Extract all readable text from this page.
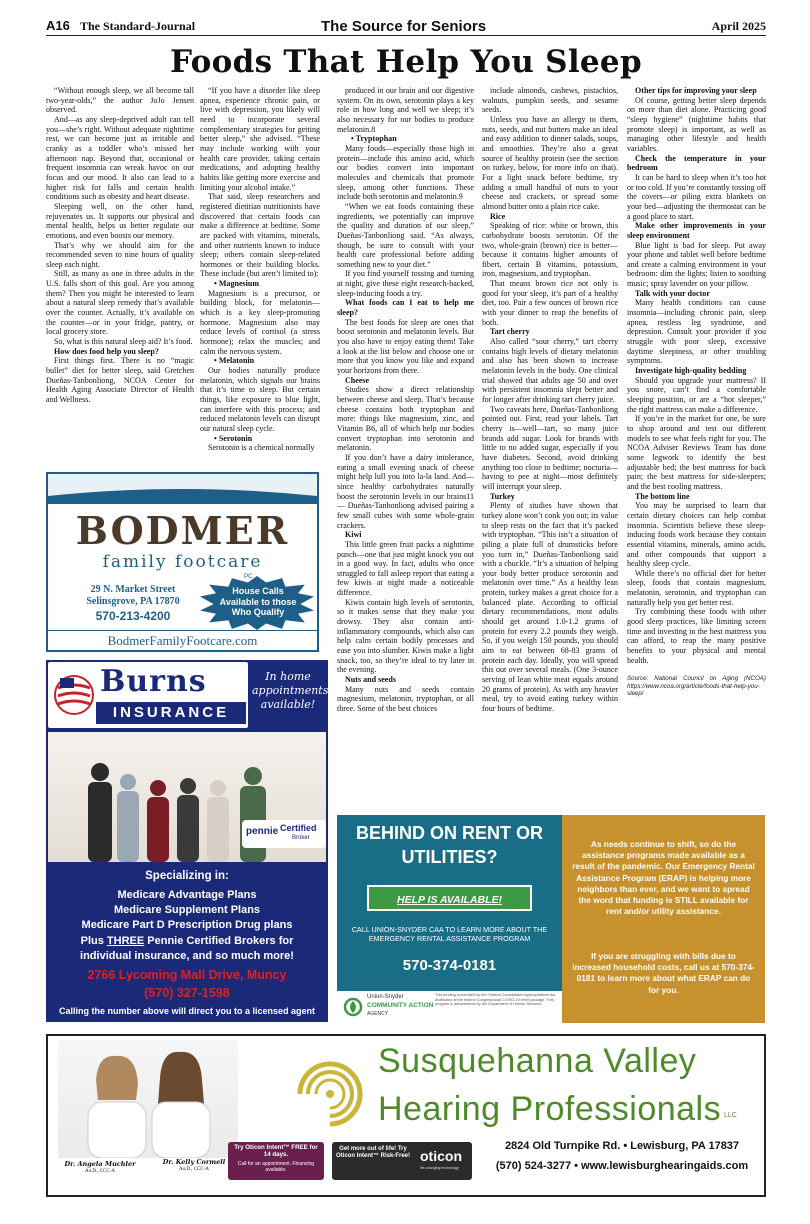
A16 The Standard-Journal	The Source for Seniors	April 2025
Foods That Help You Sleep

“Without enough sleep, we all become tall two-year-olds,” the author JoJo Jensen observed.

And—as any sleep-deprived adult can tell you—she’s right. Without adequate nighttime rest, we can become just as irritable and cranky as a toddler who’s missed her afternoon nap. Beyond that, occasional or frequent insomnia can wreak havoc on our focus and our mood. It also can lead to a higher risk for falls and certain health conditions such as obesity and heart disease.

Sleeping well, on the other hand, rejuvenates us. It supports our physical and mental health, helps us better regulate our emotions, and even boosts our memory.

That’s why we should aim for the recommended seven to nine hours of quality sleep each night.

Still, as many as one in three adults in the U.S. falls short of this goal. Are you among them? Then you might be interested to learn about a natural sleep remedy that’s available over the counter. Actually, it’s available on the counter—or in your fridge, pantry, or local grocery store.

So, what is this natural sleep aid? It’s food.

How does food help you sleep?

First things first. There is no “magic bullet” diet for better sleep, said Gretchen Dueñas-Tanbonliong, NCOA Center for Health Aging Associate Director of Health and Wellness.

“If you have a disorder like sleep apnea, experience chronic pain, or live with depression, you likely will need to incorporate several complementary strategies for getting better sleep,” she advised. “These may include working with your health care provider, taking certain medications, and adopting healthy habits like getting more exercise and limiting your alcohol intake.”

That said, sleep researchers and registered dietitian nutritionists have discovered that certain foods can make a difference at bedtime. Some are packed with vitamins, minerals, and other nutrients known to induce sleep; others contain sleep-related hormones or their building blocks. These include (but aren’t limited to):

• Magnesium

Magnesium is a precursor, or building block, for melatonin—which is a key sleep-promoting hormone. Magnesium also may reduce levels of cortisol (a stress hormone); relax the muscles; and calm the nervous system.

• Melatonin

Our bodies naturally produce melatonin, which signals our brains that it’s time to sleep. But certain things, like exposure to blue light, can interfere with this process; and reduced melatonin levels can disrupt our natural sleep cycle.

• Serotonin

Serotonin is a chemical normally

produced in our brain and our digestive system. On its own, serotonin plays a key role in how long and well we sleep; it’s also necessary for our bodies to produce melatonin.8

• Tryptophan

Many foods—especially those high in protein—include this amino acid, which our bodies convert into important molecules and chemicals that promote sleep, among other functions. These include both serotonin and melatonin.9

“When we eat foods containing these ingredients, we potentially can improve the quality and duration of our sleep,” Dueñas-Tanbonliong said. “As always, though, be sure to consult with your health care professional before adding something new to your diet.”

If you find yourself tossing and turning at night, give these eight research-backed, sleep-inducing foods a try.

What foods can I eat to help me sleep?

The best foods for sleep are ones that boost serotonin and melatonin levels. But you also have to enjoy eating them! Take a look at the list below and choose one or more that you know you like and expand your horizons from there.

Cheese

Studies show a direct relationship between cheese and sleep. That’s because cheese contains both tryptophan and more: things like magnesium, zinc, and Vitamin B6, all of which help our bodies convert tryptophan into serotonin and melatonin.

If you don’t have a dairy intolerance, eating a small evening snack of cheese might help lull you into la-la land. And—since healthy carbohydrates naturally boost the serotonin levels in our brains11— Dueñas-Tanbonliong advised pairing a few small cubes with some whole-grain crackers.

Kiwi

This little green fruit packs a nighttime punch—one that just might knock you out in a good way. In fact, adults who once struggled to fall asleep report that eating a few kiwis at night made a noticeable difference.

Kiwis contain high levels of serotonin, so it makes sense that they make you drowsy. They also contain anti-inflammatory compounds, which also can help calm certain bodily processes and ease you into slumber. Kiwis make a light snack, too, so they’re ideal to try later in the evening.

Nuts and seeds

Many nuts and seeds contain magnesium, melatonin, tryptophan, or all three. Some of the best choices

include almonds, cashews, pistachios, walnuts, pumpkin seeds, and sesame seeds.

Unless you have an allergy to them, nuts, seeds, and nut butters make an ideal and easy addition to dinner salads, soups, and smoothies. They’re also a great source of healthy protein (see the section on turkey, below, for more info on that). For a light snack before bedtime, try adding a small handful of nuts to your cheese and crackers, or spread some almond butter onto a plain rice cake.

Rice

Speaking of rice: white or brown, this carbohydrate boosts serotonin. Of the two, whole-grain (brown) rice is better—because it contains higher amounts of fibert, certain B vitamins, potassium, iron, magnesium, and tryptophan.

That means brown rice not only is good for your sleep, it’s part of a healthy diet, too. Pair a few ounces of brown rice with your dinner to reap the benefits of both.

Tart cherry

Also called “sour cherry,” tart cherry contains high levels of dietary melatonin and also has been shown to increase melatonin levels in the body. One clinical trial showed that adults age 50 and over with persistent insomnia slept better and for longer after drinking tart cherry juice.

Two caveats here, Dueñas-Tanbonliong pointed out. First, read your labels. Tart cherry is—well—tart, so many juice brands add sugar. Look for brands with little to no added sugar, especially if you have diabetes. Second, avoid drinking anything too close to bedtime; nocturia—having to pee at night—most definitely will interrupt your sleep.

Turkey

Plenty of studies have shown that turkey alone won’t conk you out; its value to sleep rests on the fact that it’s packed with tryptophan. “This isn’t a situation of piling a plate full of drumsticks before you turn in,” Dueñas-Tanbonliong said with a chuckle. “It’s a situation of helping your body better produce serotonin and melatonin over time.” As a healthy lean protein, turkey makes a great choice for a balanced plate. According to official dietary recommendations, most adults should get around 1.0-1.2 grams of protein for every 2.2 pounds they weigh. So, if you weigh 150 pounds, you should aim to eat between 68-83 grams of protein each day. Ideally, you will spread this out over several meals. (One 3-ounce serving of lean white meat equals around 20 grams of protein). As with any heavier meal, try to avoid eating turkey within four hours of bedtime.

Other tips for improving your sleep

Of course, getting better sleep depends on more than diet alone. Practicing good “sleep hygiene” (nighttime habits that promote sleep) is important, as well as managing other lifestyle and health variables.

Check the temperature in your bedroom

It can be hard to sleep when it’s too hot or too cold. If you’re constantly tossing off the covers—or piling extra blankets on your bed—adjusting the thermostat can be a good place to start.

Make other improvements in your sleep environment

Blue light is bad for sleep. Put away your phone and tablet well before bedtime and create a calming environment in your bedroom: dim the lights; listen to soothing music; spray lavender on your pillow.

Talk with your doctor

Many health conditions can cause insomnia—including chronic pain, sleep apnea, restless leg syndrome, and depression. Consult your provider if you struggle with poor sleep, excessive daytime sleepiness, or other troubling symptoms.

Investigate high-quality bedding

Should you upgrade your mattress? If you snore, can’t find a comfortable sleeping position, or are a “hot sleeper,” the right mattress can make a difference.

If you’re in the market for one, be sure to shop around and test out different models to see what feels right for you. The NCOA Adviser Reviews Team has done some legwork to identify the best adjustable bed; the best mattress for back pain; the best mattress for side-sleepers; and the best cooling mattress.

The bottom line

You may be surprised to learn that certain dietary choices can help combat insomnia. Scientists believe these sleep-inducing foods work because they contain essential vitamins, minerals, amino acids, and other compounds that support a healthy sleep cycle.

While there’s no official diet for better sleep, foods that contain magnesium, melatonin, serotonin, and tryptophan can naturally help you get better rest.

Try combining these foods with other good sleep practices, like limiting screen time and investing in the best mattress you can afford, to reap the many positive benefits to your physical and mental health.

Source: National Council on Aging (NCOA) https://www.ncoa.org/article/foods-that-help-you-sleep/

BODMER
family footcare
PC
29 N. Market Street
Selinsgrove, PA 17870
570-213-4200
House Calls Available to those Who Qualify
BodmerFamilyFootcare.com
Burns
INSURANCE
In home appointments available!
pennie Certified
Broker
Specializing in:
Medicare Advantage Plans
Medicare Supplement Plans
Medicare Part D Prescription Drug plans
Plus THREE Pennie Certified Brokers for individual insurance, and so much more!
2766 Lycoming Mall Drive, Muncy
(570) 327-1598
Calling the number above will direct you to a licensed agent
BEHIND ON RENT OR UTILITIES?
HELP IS AVAILABLE!
CALL UNION-SNYDER CAA TO LEARN MORE ABOUT THE EMERGENCY RENTAL ASSISTANCE PROGRAM
570-374-0181
Union-Snyder
COMMUNITY ACTION
AGENCY
This funding is provided by the Federal Consolidated Appropriations Act distributed at the federal Congressional COVID-19 relief package. This program is administered by the Department of Human Services.
As needs continue to shift, so do the assistance programs made available as a result of the pandemic. Our Emergency Rental Assistance Program (ERAP) is helping more neighbors than ever, and we want to spread the word that funding is STILL available for rent and/or utility assistance.
If you are struggling with bills due to increased household costs, call us at 570-374-0181 to learn more about what ERAP can do for you.
Dr. Angela Muchler
Au.D., CCC-A
Dr. Kelly Cormell
Au.D., CCC-A
Susquehanna Valley
Hearing Professionals LLC
Try Oticon Intent™ FREE for 14 days.
Call for an appointment. Financing available.
Get more out of life! Try Oticon Intent™ Risk-Free! oticon
life-changing technology
2824 Old Turnpike Rd. • Lewisburg, PA 17837
(570) 524-3277 • www.lewisburghearingaids.com
